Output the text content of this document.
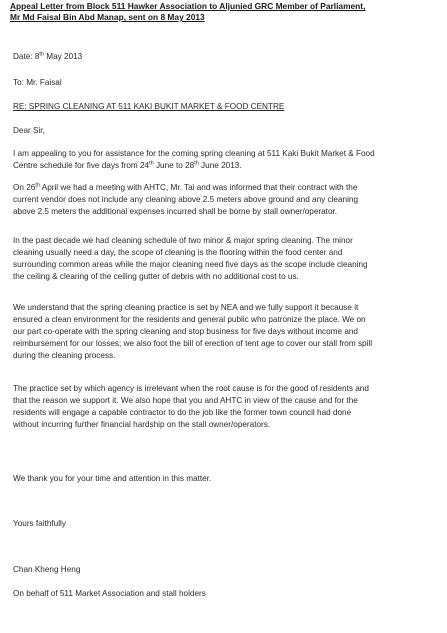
Appeal Letter from Block 511 Hawker Association to Aljunied GRC Member of Parliament,
Mr Md Faisal Bin Abd Manap, sent on 8 May 2013
Date: 8th May 2013
To: Mr. Faisal
RE: SPRING CLEANING AT 511 KAKI BUKIT MARKET & FOOD CENTRE
Dear Sir,
I am appealing to you for assistance for the coming spring cleaning at 511 Kaki Bukit Market & Food
Centre schedule for five days from 24th June to 28th June 2013.
On 26th April we had a meeting with AHTC, Mr. Tai and was informed that their contract with the
current vendor does not include any cleaning above 2.5 meters above ground and any cleaning
above 2.5 meters the additional expenses incurred shall be borne by stall owner/operator.
In the past decade we had cleaning schedule of two minor & major spring cleaning. The minor
cleaning usually need a day, the scope of cleaning is the flooring within the food center and
surrounding common areas while the major cleaning need five days as the scope include cleaning
the ceiling & clearing of the ceiling gutter of debris with no additional cost to us.
We understand that the spring cleaning practice is set by NEA and we fully support it because it
ensured a clean environment for the residents and general public who patronize the place. We on
our part co-operate with the spring cleaning and stop business for five days without income and
reimbursement for our losses; we also foot the bill of erection of tent age to cover our stall from spill
during the cleaning process.
The practice set by which agency is irrelevant when the root cause is for the good of residents and
that the reason we support it. We also hope that you and AHTC in view of the cause and for the
residents will engage a capable contractor to do the job like the former town council had done
without incurring further financial hardship on the stall owner/operators.
We thank you for your time and attention in this matter.
Yours faithfully
Chan Kheng Heng
On behalf of 511 Market Association and stall holders
